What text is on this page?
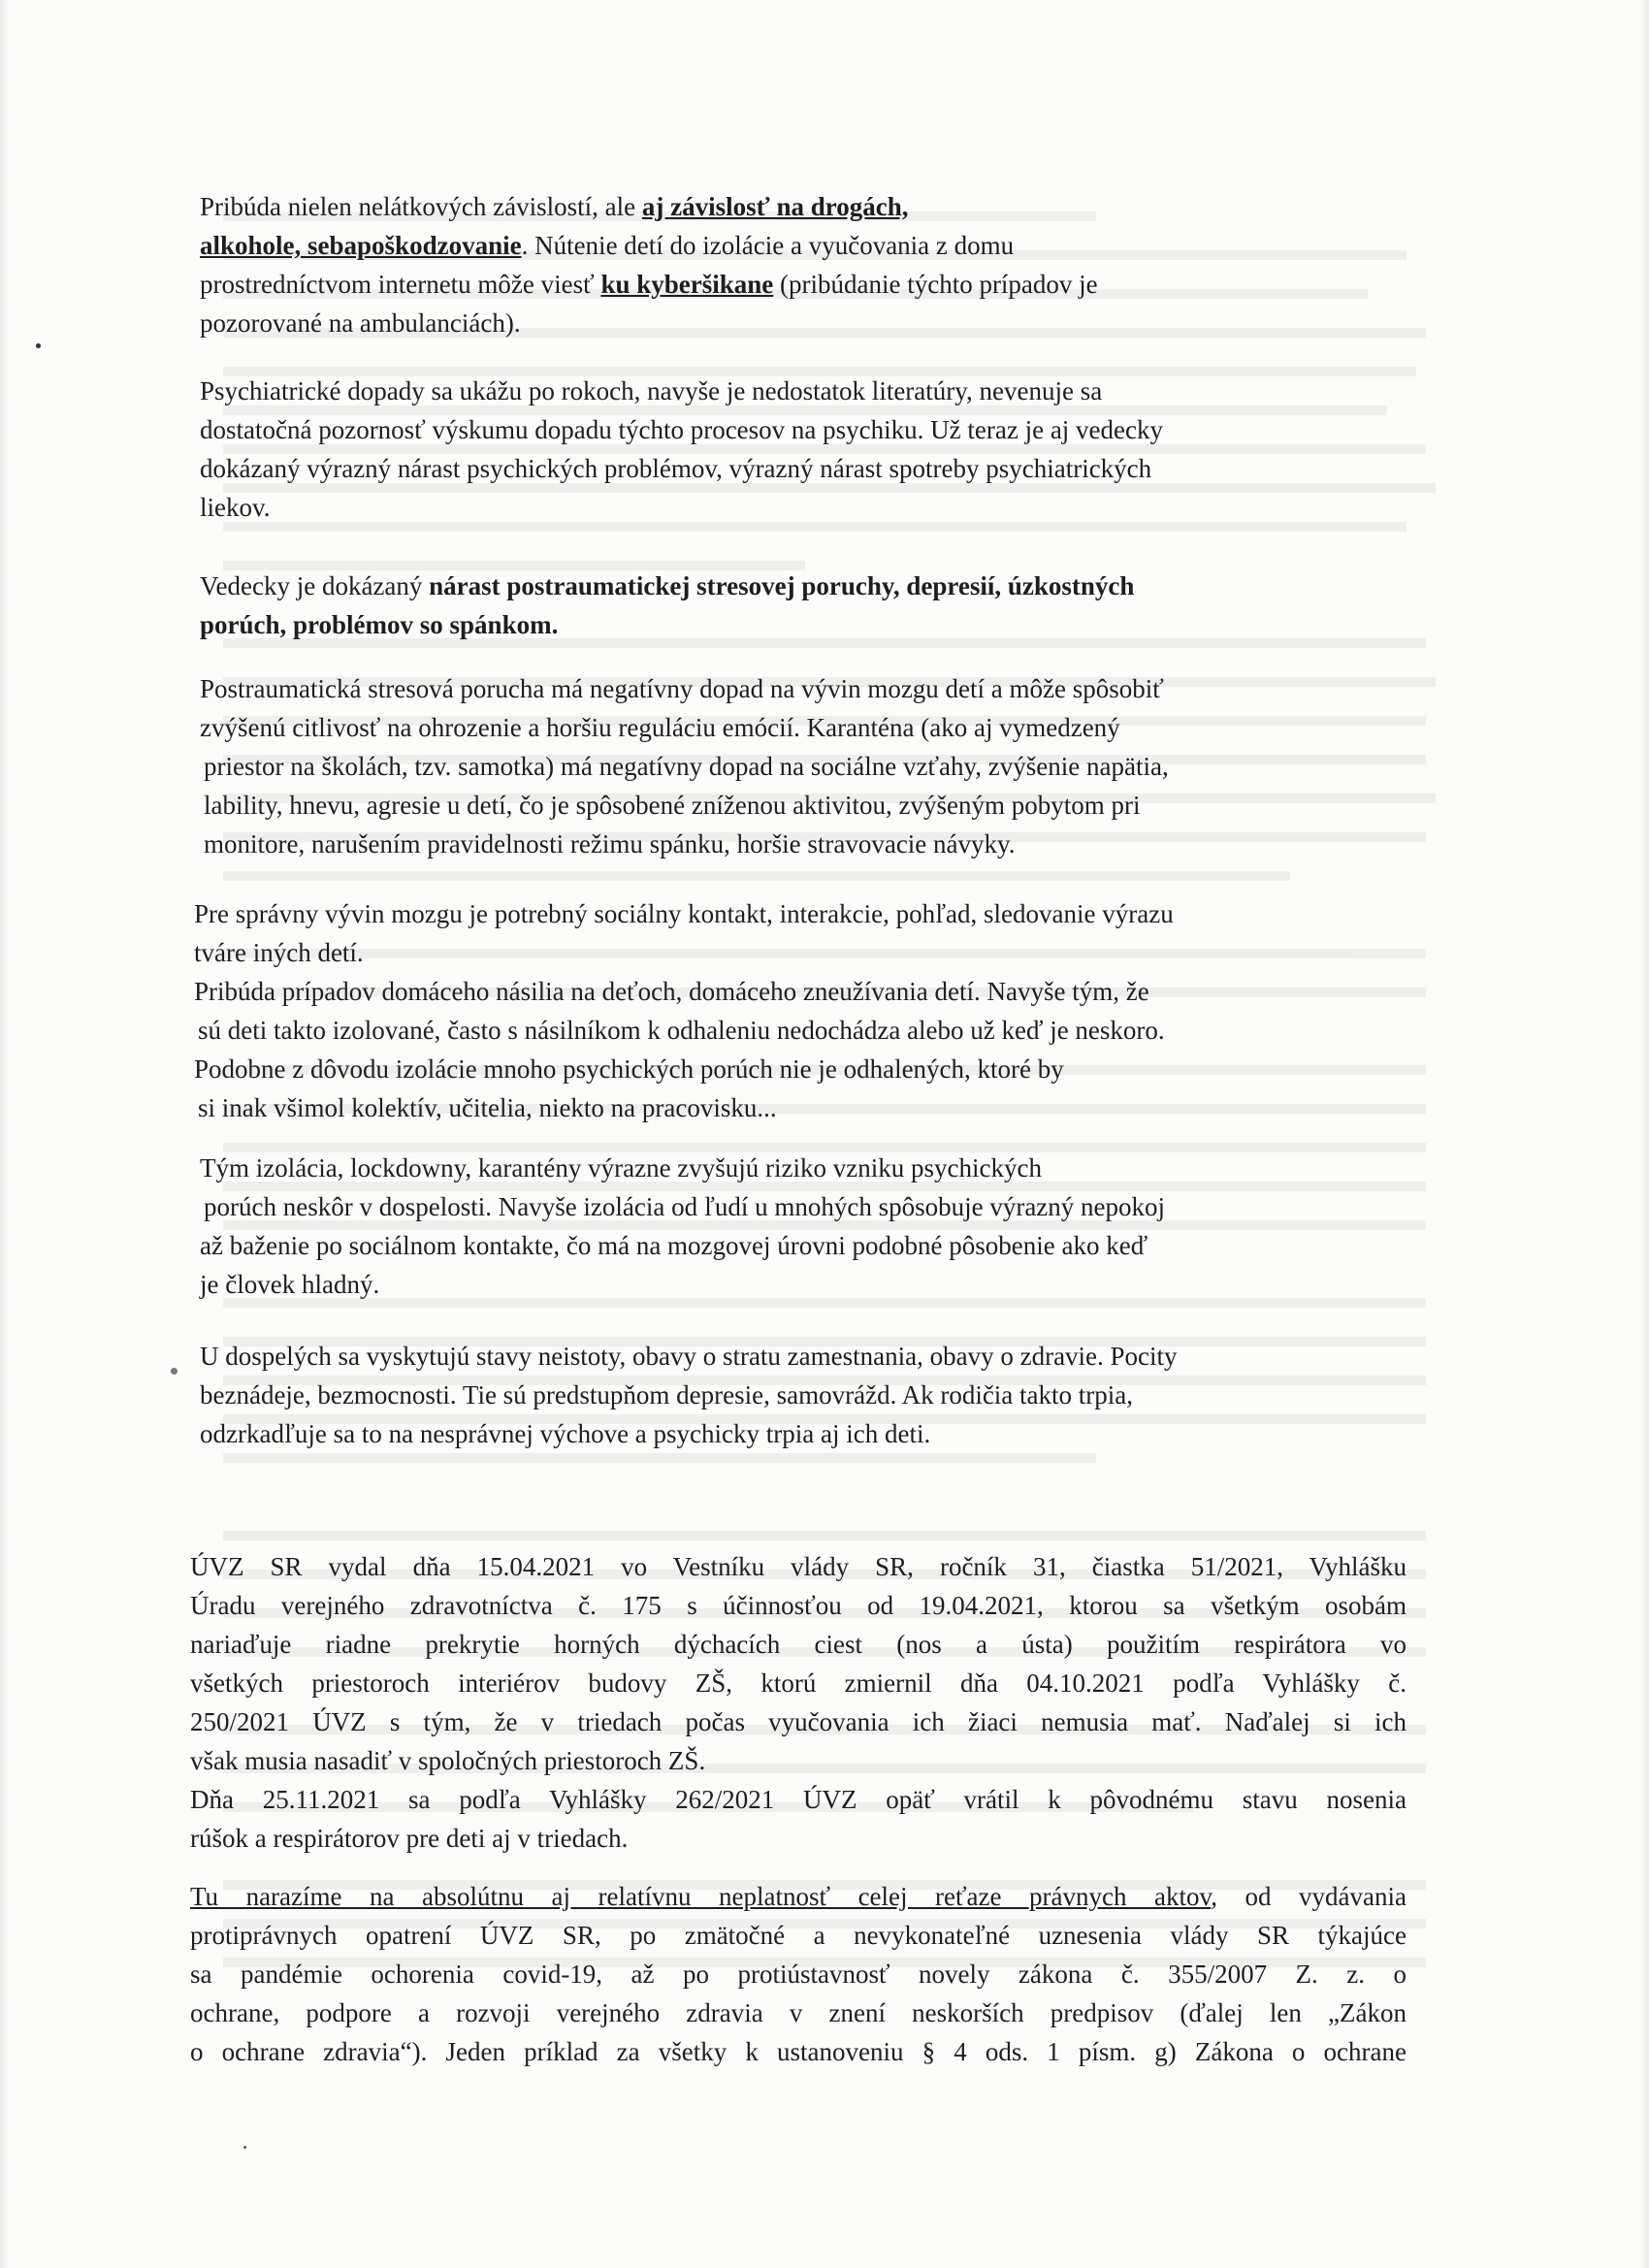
Pribúda nielen nelátkových závislostí, ale aj závislosť na drogách,
alkohole, sebapoškodzovanie. Nútenie detí do izolácie a vyučovania z domu
prostredníctvom internetu môže viesť ku kyberšikane (pribúdanie týchto prípadov je
pozorované na ambulanciách).
Psychiatrické dopady sa ukážu po rokoch, navyše je nedostatok literatúry, nevenuje sa
dostatočná pozornosť výskumu dopadu týchto procesov na psychiku. Už teraz je aj vedecky
dokázaný výrazný nárast psychických problémov, výrazný nárast spotreby psychiatrických
liekov.
Vedecky je dokázaný nárast postraumatickej stresovej poruchy, depresií, úzkostných
porúch, problémov so spánkom.
Postraumatická stresová porucha má negatívny dopad na vývin mozgu detí a môže spôsobiť
zvýšenú citlivosť na ohrozenie a horšiu reguláciu emócií. Karanténa (ako aj vymedzený
priestor na školách, tzv. samotka) má negatívny dopad na sociálne vzťahy, zvýšenie napätia,
lability, hnevu, agresie u detí, čo je spôsobené zníženou aktivitou, zvýšeným pobytom pri
monitore, narušením pravidelnosti režimu spánku, horšie stravovacie návyky.
Pre správny vývin mozgu je potrebný sociálny kontakt, interakcie, pohľad, sledovanie výrazu
tváre iných detí.
Pribúda prípadov domáceho násilia na deťoch, domáceho zneužívania detí. Navyše tým, že
sú deti takto izolované, často s násilníkom k odhaleniu nedochádza alebo už keď je neskoro.
Podobne z dôvodu izolácie mnoho psychických porúch nie je odhalených, ktoré by
si inak všimol kolektív, učitelia, niekto na pracovisku...
Tým izolácia, lockdowny, karantény výrazne zvyšujú riziko vzniku psychických
porúch neskôr v dospelosti. Navyše izolácia od ľudí u mnohých spôsobuje výrazný nepokoj
až baženie po sociálnom kontakte, čo má na mozgovej úrovni podobné pôsobenie ako keď
je človek hladný.
U dospelých sa vyskytujú stavy neistoty, obavy o stratu zamestnania, obavy o zdravie. Pocity
beznádeje, bezmocnosti. Tie sú predstupňom depresie, samovrážd. Ak rodičia takto trpia,
odzrkadľuje sa to na nesprávnej výchove a psychicky trpia aj ich deti.
ÚVZ SR vydal dňa 15.04.2021 vo Vestníku vlády SR, ročník 31, čiastka 51/2021, Vyhlášku
Úradu verejného zdravotníctva č. 175 s účinnosťou od 19.04.2021, ktorou sa všetkým osobám
nariaďuje riadne prekrytie horných dýchacích ciest (nos a ústa) použitím respirátora vo
všetkých priestoroch interiérov budovy ZŠ, ktorú zmiernil dňa 04.10.2021 podľa Vyhlášky č.
250/2021 ÚVZ s tým, že v triedach počas vyučovania ich žiaci nemusia mať. Naďalej si ich
však musia nasadiť v spoločných priestoroch ZŠ.
Dňa 25.11.2021 sa podľa Vyhlášky 262/2021 ÚVZ opäť vrátil k pôvodnému stavu nosenia
rúšok a respirátorov pre deti aj v triedach.
Tu narazíme na absolútnu aj relatívnu neplatnosť celej reťaze právnych aktov, od vydávania
protiprávnych opatrení ÚVZ SR, po zmätočné a nevykonateľné uznesenia vlády SR týkajúce
sa pandémie ochorenia covid-19, až po protiústavnosť novely zákona č. 355/2007 Z. z. o
ochrane, podpore a rozvoji verejného zdravia v znení neskorších predpisov (ďalej len „Zákon
o ochrane zdravia“). Jeden príklad za všetky k ustanoveniu § 4 ods. 1 písm. g) Zákona o ochrane
